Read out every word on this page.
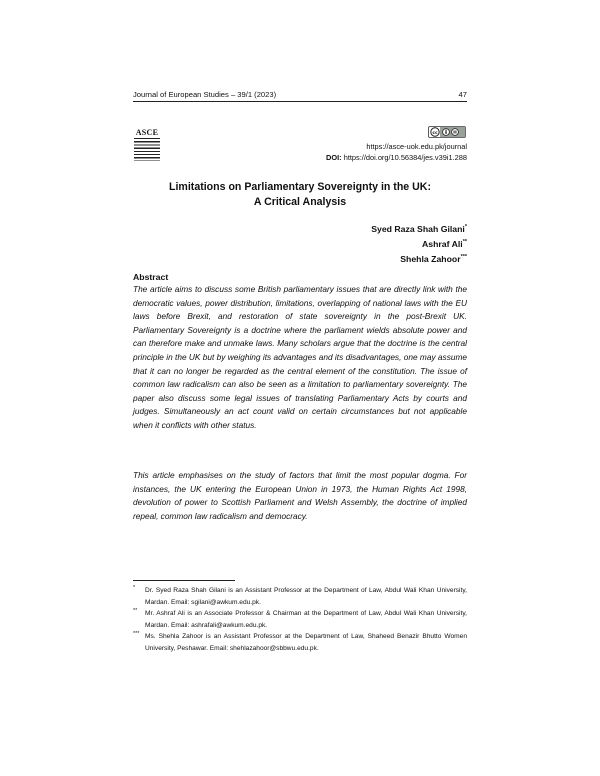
Journal of European Studies – 39/1 (2023)	47
ASCE	cc
https://asce-uok.edu.pk/journal
DOI: https://doi.org/10.56384/jes.v39i1.288
Limitations on Parliamentary Sovereignty in the UK:
A Critical Analysis
Syed Raza Shah Gilani*
Ashraf Ali**
Shehla Zahoor***
Abstract

The article aims to discuss some British parliamentary issues that are directly link with the democratic values, power distribution, limitations, overlapping of national laws with the EU laws before Brexit, and restoration of state sovereignty in the post-Brexit UK. Parliamentary Sovereignty is a doctrine where the parliament wields absolute power and can therefore make and unmake laws. Many scholars argue that the doctrine is the central principle in the UK but by weighing its advantages and its disadvantages, one may assume that it can no longer be regarded as the central element of the constitution. The issue of common law radicalism can also be seen as a limitation to parliamentary sovereignty. The paper also discuss some legal issues of translating Parliamentary Acts by courts and judges. Simultaneously an act count valid on certain circumstances but not applicable when it conflicts with other status.

This article emphasises on the study of factors that limit the most popular dogma. For instances, the UK entering the European Union in 1973, the Human Rights Act 1998, devolution of power to Scottish Parliament and Welsh Assembly, the doctrine of implied repeal, common law radicalism and democracy.

* Dr. Syed Raza Shah Gilani is an Assistant Professor at the Department of Law, Abdul Wali Khan University, Mardan. Email: sgilani@awkum.edu.pk.
** Mr. Ashraf Ali is an Associate Professor & Chairman at the Department of Law, Abdul Wali Khan University, Mardan. Email: ashrafali@awkum.edu.pk.
*** Ms. Shehla Zahoor is an Assistant Professor at the Department of Law, Shaheed Benazir Bhutto Women University, Peshawar. Email: shehlazahoor@sbbwu.edu.pk.
